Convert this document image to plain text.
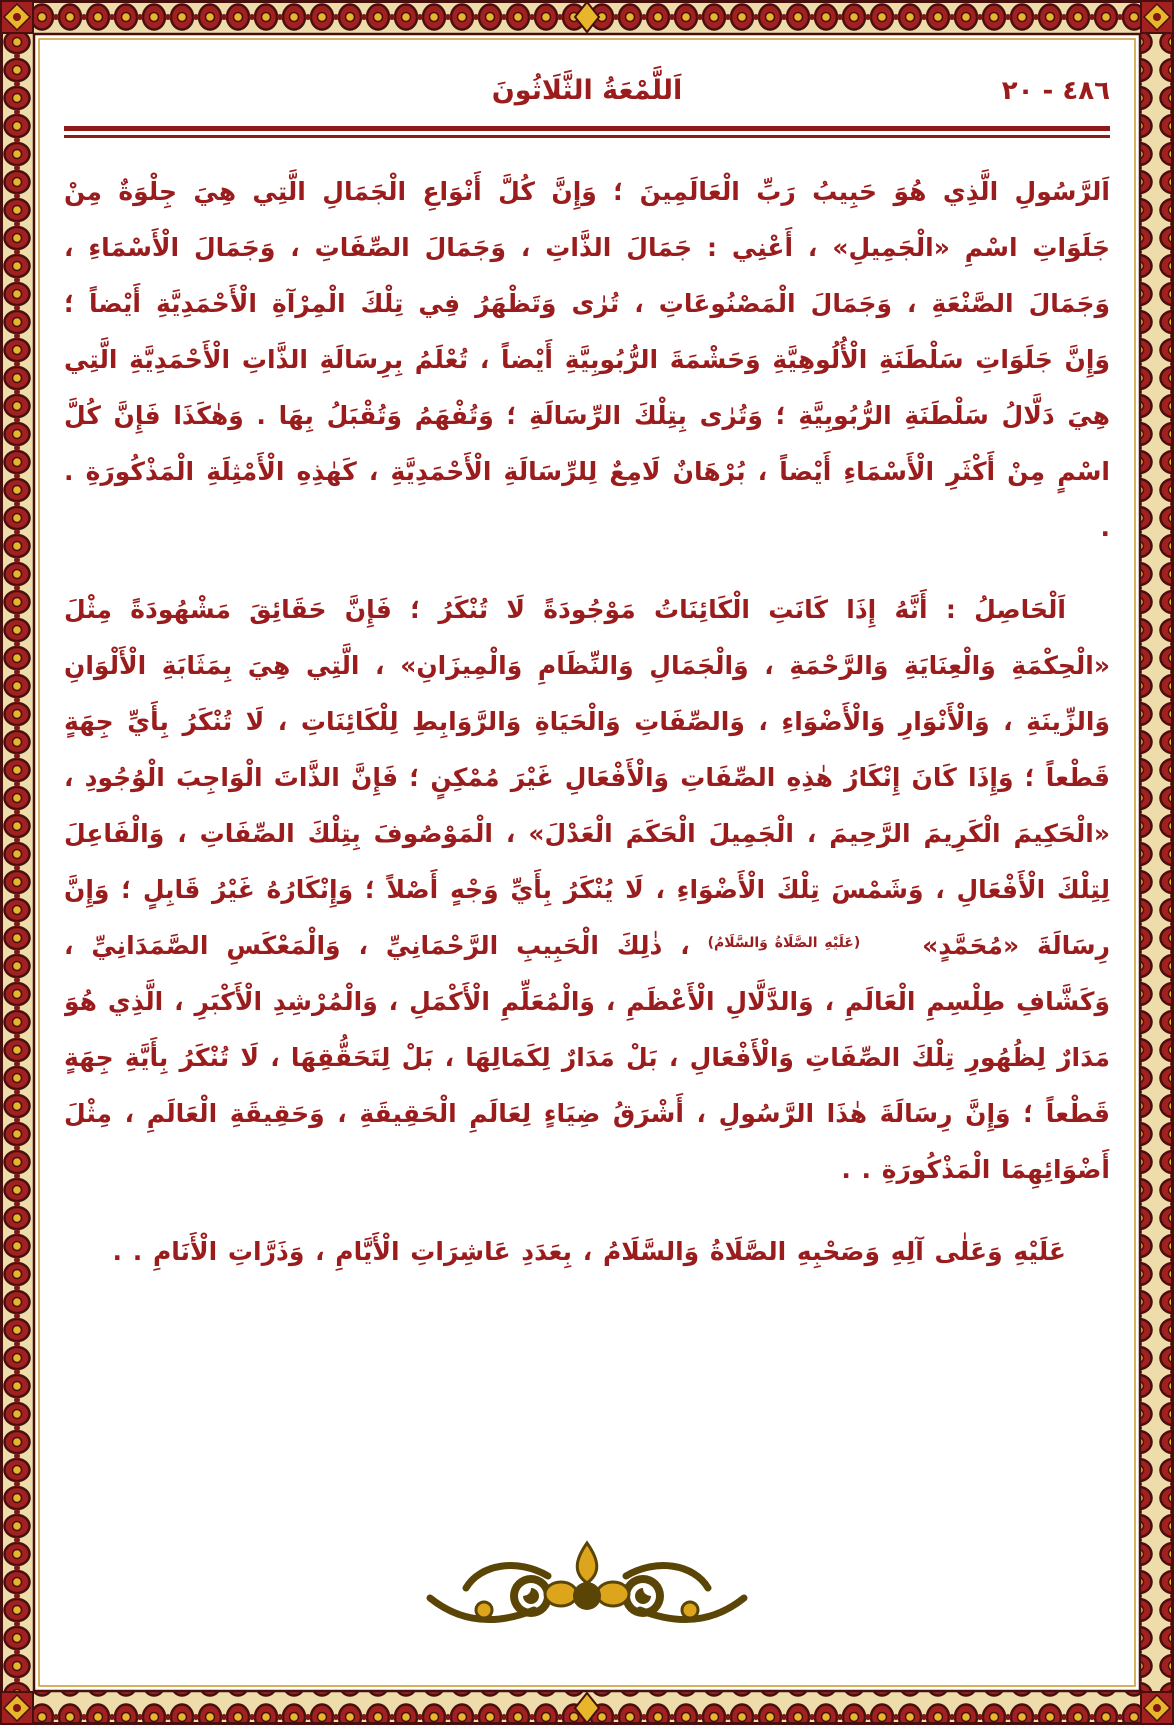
٤٨٦ - ٢٠
اَللَّمْعَةُ الثَّلَاثُونَ

اَلرَّسُولِ الَّذِي هُوَ حَبِيبُ رَبِّ الْعَالَمِينَ ؛ وَإِنَّ كُلَّ أَنْوَاعِ الْجَمَالِ الَّتِي هِيَ جِلْوَةٌ مِنْ جَلَوَاتِ اسْمِ «الْجَمِيلِ» ، أَعْنِي : جَمَالَ الذَّاتِ ، وَجَمَالَ الصِّفَاتِ ، وَجَمَالَ الْأَسْمَاءِ ، وَجَمَالَ الصَّنْعَةِ ، وَجَمَالَ الْمَصْنُوعَاتِ ، تُرٰى وَتَظْهَرُ فِي تِلْكَ الْمِرْآةِ الْأَحْمَدِيَّةِ أَيْضاً ؛ وَإِنَّ جَلَوَاتِ سَلْطَنَةِ الْأُلُوهِيَّةِ وَحَشْمَةَ الرُّبُوبِيَّةِ أَيْضاً ، تُعْلَمُ بِرِسَالَةِ الذَّاتِ الْأَحْمَدِيَّةِ الَّتِي هِيَ دَلَّالُ سَلْطَنَةِ الرُّبُوبِيَّةِ ؛ وَتُرٰى بِتِلْكَ الرِّسَالَةِ ؛ وَتُفْهَمُ وَتُقْبَلُ بِهَا . وَهٰكَذَا فَإِنَّ كُلَّ اسْمٍ مِنْ أَكْثَرِ الْأَسْمَاءِ أَيْضاً ، بُرْهَانٌ لَامِعٌ لِلرِّسَالَةِ الْأَحْمَدِيَّةِ ، كَهٰذِهِ الْأَمْثِلَةِ الْمَذْكُورَةِ . .

اَلْحَاصِلُ : أَنَّهُ إِذَا كَانَتِ الْكَائِنَاتُ مَوْجُودَةً لَا تُنْكَرُ ؛ فَإِنَّ حَقَائِقَ مَشْهُودَةً مِثْلَ «الْحِكْمَةِ وَالْعِنَايَةِ وَالرَّحْمَةِ ، وَالْجَمَالِ وَالنِّظَامِ وَالْمِيزَانِ» ، الَّتِي هِيَ بِمَثَابَةِ الْأَلْوَانِ وَالزِّينَةِ ، وَالْأَنْوَارِ وَالْأَضْوَاءِ ، وَالصِّفَاتِ وَالْحَيَاةِ وَالرَّوَابِطِ لِلْكَائِنَاتِ ، لَا تُنْكَرُ بِأَيِّ جِهَةٍ قَطْعاً ؛ وَإِذَا كَانَ إِنْكَارُ هٰذِهِ الصِّفَاتِ وَالْأَفْعَالِ غَيْرَ مُمْكِنٍ ؛ فَإِنَّ الذَّاتَ الْوَاجِبَ الْوُجُودِ ، «الْحَكِيمَ الْكَرِيمَ الرَّحِيمَ ، الْجَمِيلَ الْحَكَمَ الْعَدْلَ» ، الْمَوْصُوفَ بِتِلْكَ الصِّفَاتِ ، وَالْفَاعِلَ لِتِلْكَ الْأَفْعَالِ ، وَشَمْسَ تِلْكَ الْأَضْوَاءِ ، لَا يُنْكَرُ بِأَيِّ وَجْهٍ أَصْلاً ؛ وَإِنْكَارُهُ غَيْرُ قَابِلٍ ؛ وَإِنَّ رِسَالَةَ «مُحَمَّدٍ» (عَلَيْهِ الصَّلَاةُ وَالسَّلَامُ) ، ذٰلِكَ الْحَبِيبِ الرَّحْمَانِيِّ ، وَالْمَعْكَسِ الصَّمَدَانِيِّ ، وَكَشَّافِ طِلْسِمِ الْعَالَمِ ، وَالدَّلَّالِ الْأَعْظَمِ ، وَالْمُعَلِّمِ الْأَكْمَلِ ، وَالْمُرْشِدِ الْأَكْبَرِ ، الَّذِي هُوَ مَدَارٌ لِظُهُورِ تِلْكَ الصِّفَاتِ وَالْأَفْعَالِ ، بَلْ مَدَارٌ لِكَمَالِهَا ، بَلْ لِتَحَقُّقِهَا ، لَا تُنْكَرُ بِأَيَّةِ جِهَةٍ قَطْعاً ؛ وَإِنَّ رِسَالَةَ هٰذَا الرَّسُولِ ، أَشْرَقُ ضِيَاءٍ لِعَالَمِ الْحَقِيقَةِ ، وَحَقِيقَةِ الْعَالَمِ ، مِثْلَ أَضْوَائِهِمَا الْمَذْكُورَةِ . .

عَلَيْهِ وَعَلٰى آلِهِ وَصَحْبِهِ الصَّلَاةُ وَالسَّلَامُ ، بِعَدَدِ عَاشِرَاتِ الْأَيَّامِ ، وَذَرَّاتِ الْأَنَامِ . .
